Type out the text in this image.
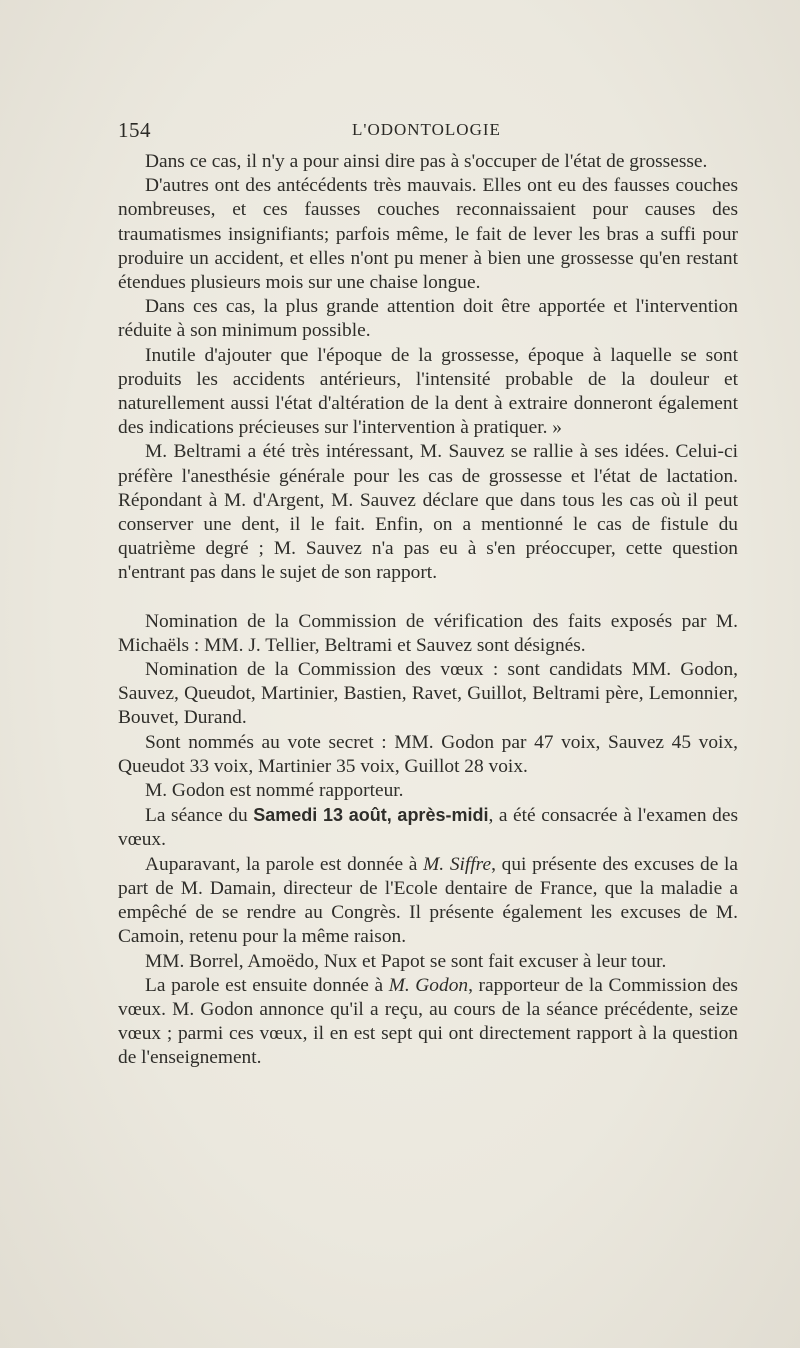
154	L'ODONTOLOGIE

Dans ce cas, il n'y a pour ainsi dire pas à s'occuper de l'état de grossesse.

D'autres ont des antécédents très mauvais. Elles ont eu des fausses couches nombreuses, et ces fausses couches reconnaissaient pour causes des traumatismes insignifiants; parfois même, le fait de lever les bras a suffi pour produire un accident, et elles n'ont pu mener à bien une grossesse qu'en restant étendues plusieurs mois sur une chaise longue.

Dans ces cas, la plus grande attention doit être apportée et l'intervention réduite à son minimum possible.

Inutile d'ajouter que l'époque de la grossesse, époque à laquelle se sont produits les accidents antérieurs, l'intensité probable de la douleur et naturellement aussi l'état d'altération de la dent à extraire donneront également des indications précieuses sur l'intervention à pratiquer. »

M. Beltrami a été très intéressant, M. Sauvez se rallie à ses idées. Celui-ci préfère l'anesthésie générale pour les cas de grossesse et l'état de lactation. Répondant à M. d'Argent, M. Sauvez déclare que dans tous les cas où il peut conserver une dent, il le fait. Enfin, on a mentionné le cas de fistule du quatrième degré ; M. Sauvez n'a pas eu à s'en préoccuper, cette question n'entrant pas dans le sujet de son rapport.

Nomination de la Commission de vérification des faits exposés par M. Michaëls : MM. J. Tellier, Beltrami et Sauvez sont désignés.

Nomination de la Commission des vœux : sont candidats MM. Godon, Sauvez, Queudot, Martinier, Bastien, Ravet, Guillot, Beltrami père, Lemonnier, Bouvet, Durand.

Sont nommés au vote secret : MM. Godon par 47 voix, Sauvez 45 voix, Queudot 33 voix, Martinier 35 voix, Guillot 28 voix.

M. Godon est nommé rapporteur.

La séance du Samedi 13 août, après-midi, a été consacrée à l'examen des vœux.

Auparavant, la parole est donnée à M. Siffre, qui présente des excuses de la part de M. Damain, directeur de l'Ecole dentaire de France, que la maladie a empêché de se rendre au Congrès. Il présente également les excuses de M. Camoin, retenu pour la même raison.

MM. Borrel, Amoëdo, Nux et Papot se sont fait excuser à leur tour.

La parole est ensuite donnée à M. Godon, rapporteur de la Commission des vœux. M. Godon annonce qu'il a reçu, au cours de la séance précédente, seize vœux ; parmi ces vœux, il en est sept qui ont directement rapport à la question de l'enseignement.
